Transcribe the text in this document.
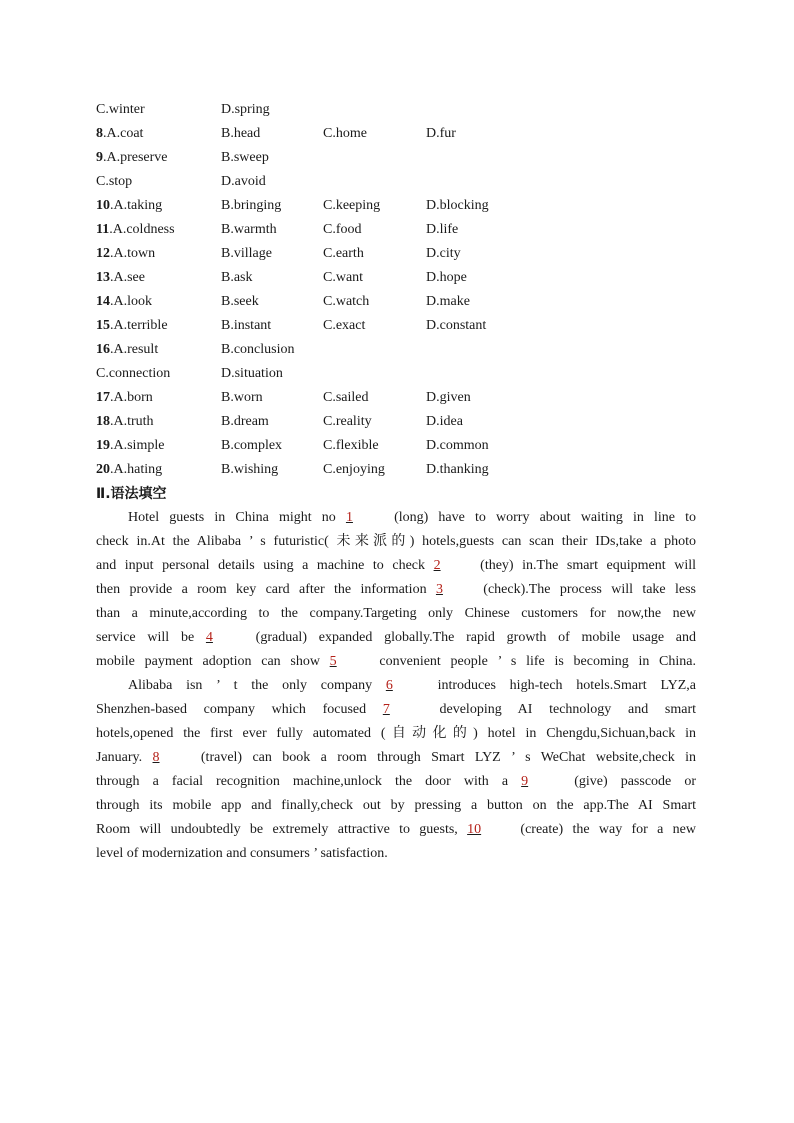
C.winter	D.spring
8.A.coat	B.head	C.home	D.fur
9.A.preserve	B.sweep
C.stop	D.avoid
10.A.taking	B.bringing	C.keeping	D.blocking
11.A.coldness	B.warmth	C.food	D.life
12.A.town	B.village	C.earth	D.city
13.A.see	B.ask	C.want	D.hope
14.A.look	B.seek	C.watch	D.make
15.A.terrible	B.instant	C.exact	D.constant
16.A.result	B.conclusion
C.connection	D.situation
17.A.born	B.worn	C.sailed	D.given
18.A.truth	B.dream	C.reality	D.idea
19.A.simple	B.complex	C.flexible	D.common
20.A.hating	B.wishing	C.enjoying	D.thanking
Ⅱ.语法填空
Hotel guests in China might no 1 (long) have to worry about waiting in line to
check in.At the Alibaba ’ s futuristic( 未来派的) hotels,guests can scan their IDs,take a photo
and input personal details using a machine to check 2 (they) in.The smart equipment will
then provide a room key card after the information 3 (check).The process will take less
than a minute,according to the company.Targeting only Chinese customers for now,the new
service will be 4 (gradual) expanded globally.The rapid growth of mobile usage and
mobile payment adoption can show 5 convenient people ’ s life is becoming in China.
Alibaba isn ’ t the only company 6 introduces high-tech hotels.Smart LYZ,a
Shenzhen-based company which focused 7 developing AI technology and smart
hotels,opened the first ever fully automated (自动化的) hotel in Chengdu,Sichuan,back in
January. 8 (travel) can book a room through Smart LYZ ’ s WeChat website,check in
through a facial recognition machine,unlock the door with a 9 (give) passcode or
through its mobile app and finally,check out by pressing a button on the app.The AI Smart
Room will undoubtedly be extremely attractive to guests, 10 (create) the way for a new
level of modernization and consumers ’ satisfaction.
